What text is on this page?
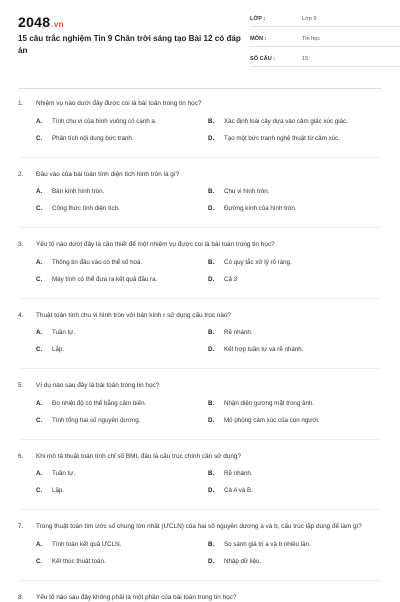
2048.vn
15 câu trắc nghiệm Tin 9 Chân trời sáng tạo Bài 12 có đáp án
LỚP :	Lớp 9
MÔN :	Tin học
SỐ CÂU :	15
1.	Nhiệm vụ nào dưới đây được coi là bài toán trong tin học?
A.	Tính chu vi của hình vuông có cạnh a.	B.	Xác định loài cây dựa vào cảm giác xúc giác.
C.	Phân tích nội dung bức tranh.	D.	Tạo một bức tranh nghệ thuật từ cảm xúc.
2.	Đầu vào của bài toán tính diện tích hình tròn là gì?
A.	Bán kính hình tròn.	B.	Chu vi hình tròn.
C.	Công thức tính diện tích.	D.	Đường kính của hình tròn.
3.	Yếu tố nào dưới đây là cần thiết để một nhiệm vụ được coi là bài toán trong tin học?
A.	Thông tin đầu vào có thể số hoá.	B.	Có quy tắc xử lý rõ ràng.
C.	Máy tính có thể đưa ra kết quả đầu ra.	D.	Cả 3
4.	Thuật toán tính chu vi hình tròn với bán kính r sử dụng cấu trúc nào?
A.	Tuần tự.	B.	Rẽ nhánh.
C.	Lặp.	D.	Kết hợp tuần tự và rẽ nhánh.
5.	Ví dụ nào sau đây là bài toán trong tin học?
A.	Đo nhiệt độ có thể bằng cảm biến.	B.	Nhận diện gương mặt trong ảnh.
C.	Tính tổng hai số nguyên dương.	D.	Mô phỏng cảm xúc của con người.
6.	Khi mô tả thuật toán tính chỉ số BMI, đâu là cấu trúc chính cần sử dụng?
A.	Tuần tự.	B.	Rẽ nhánh.
C.	Lặp.	D.	Cả A và B.
7.	Trong thuật toán tìm ước số chung lớn nhất (ƯCLN) của hai số nguyên dương a và b, cấu trúc lặp dùng để làm gì?
A.	Tính toán kết quả ƯCLN.	B.	So sánh giá trị a và b nhiều lần.
C.	Kết thúc thuật toán.	D.	Nhập dữ liệu.
8.	Yếu tố nào sau đây không phải là một phần của bài toán trong tin học?
